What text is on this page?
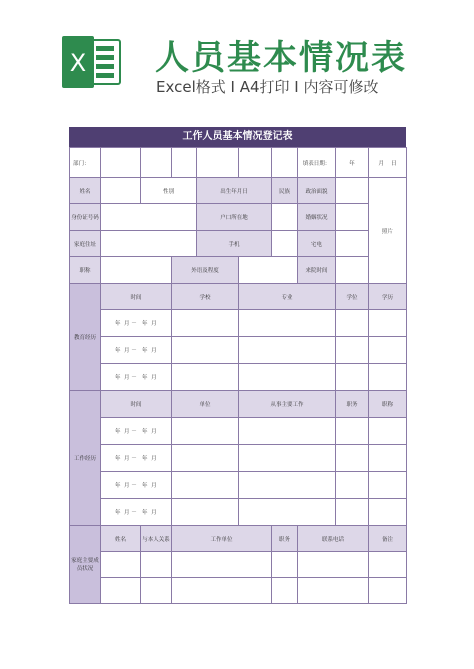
X 人员基本情况表
Excel格式 I A4打印 I 内容可修改
工作人员基本情况登记表
部门：							填表日期：	年	月 日
姓名		性别		出生年月日		民族	政治面貌		照片
身份证号码				户口所在地			婚姻状况		
家庭住址				手机			宅电		
职称			外语及程度				来院时间		
教育经历	时间		学校		专业			学位	学历
	年 月 － 年 月								
	年 月 － 年 月								
	年 月 － 年 月								
工作经历	时间		单位		从事主要工作			职务	职称
	年 月 － 年 月								
	年 月 － 年 月								
	年 月 － 年 月								
	年 月 － 年 月								
家庭主要成员状况	姓名	与本人关系	工作单位			职务	联系电话		备注
